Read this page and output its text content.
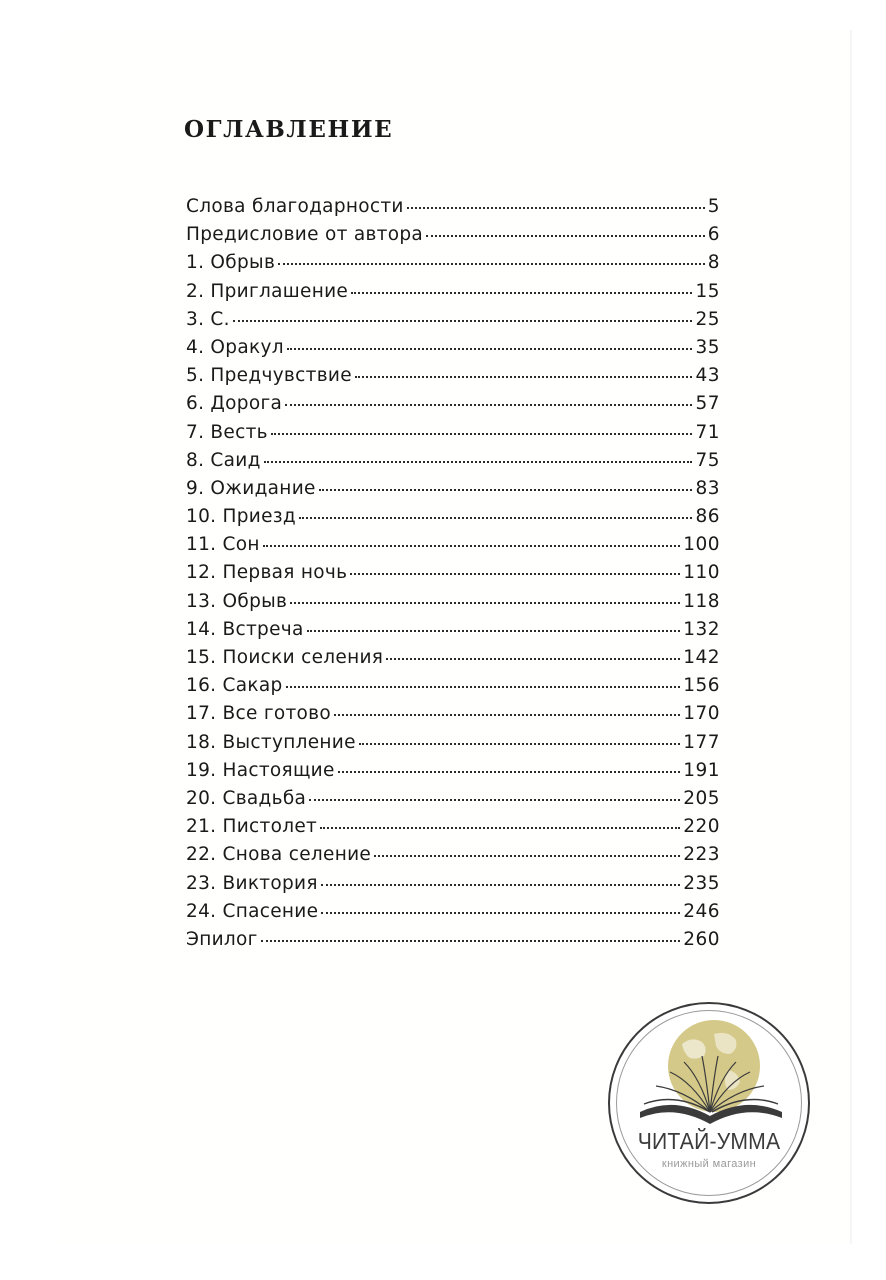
ОГЛАВЛЕНИЕ
Слова благодарности	5
Предисловие от автора	6
1. Обрыв	8
2. Приглашение	15
3. С.	25
4. Оракул	35
5. Предчувствие	43
6. Дорога	57
7. Весть	71
8. Саид	75
9. Ожидание	83
10. Приезд	86
11. Сон	100
12. Первая ночь	110
13. Обрыв	118
14. Встреча	132
15. Поиски селения	142
16. Сакар	156
17. Все готово	170
18. Выступление	177
19. Настоящие	191
20. Свадьба	205
21. Пистолет	220
22. Снова селение	223
23. Виктория	235
24. Спасение	246
Эпилог	260
ЧИТАЙ-УММА
книжный магазин
